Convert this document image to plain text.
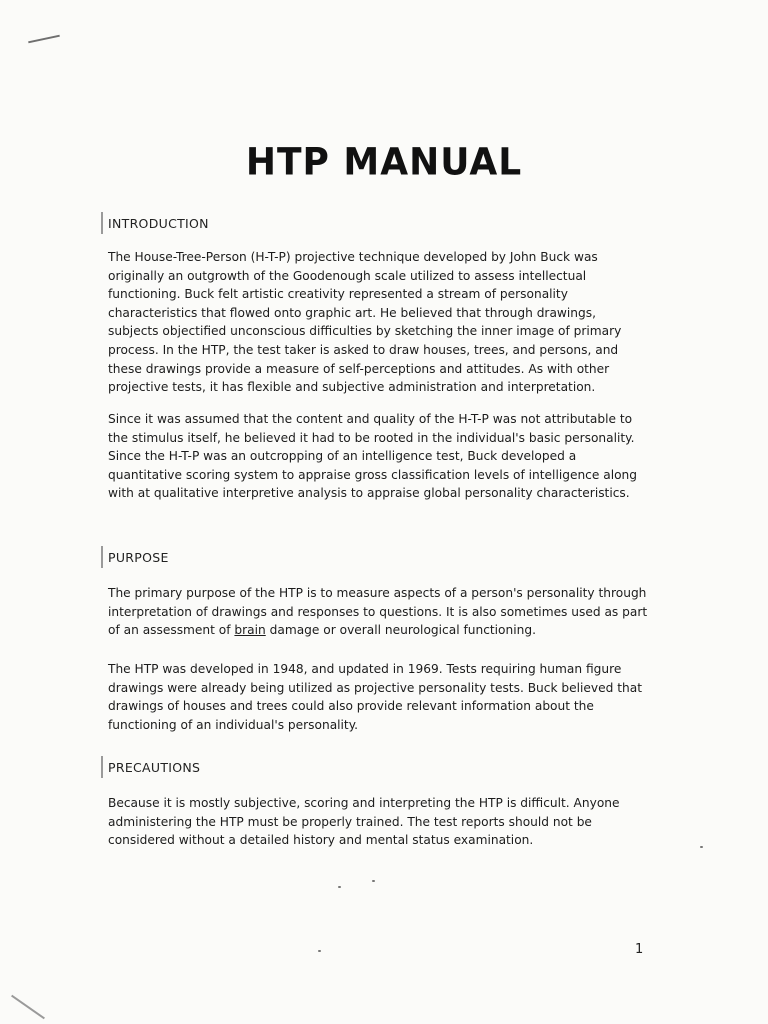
HTP MANUAL
INTRODUCTION

The House-Tree-Person (H-T-P) projective technique developed by John Buck was originally an outgrowth of the Goodenough scale utilized to assess intellectual functioning. Buck felt artistic creativity represented a stream of personality characteristics that flowed onto graphic art. He believed that through drawings, subjects objectified unconscious difficulties by sketching the inner image of primary process. In the HTP, the test taker is asked to draw houses, trees, and persons, and these drawings provide a measure of self-perceptions and attitudes. As with other projective tests, it has flexible and subjective administration and interpretation.

Since it was assumed that the content and quality of the H-T-P was not attributable to the stimulus itself, he believed it had to be rooted in the individual's basic personality. Since the H-T-P was an outcropping of an intelligence test, Buck developed a quantitative scoring system to appraise gross classification levels of intelligence along with at qualitative interpretive analysis to appraise global personality characteristics.

PURPOSE

The primary purpose of the HTP is to measure aspects of a person's personality through interpretation of drawings and responses to questions. It is also sometimes used as part of an assessment of brain damage or overall neurological functioning.

The HTP was developed in 1948, and updated in 1969. Tests requiring human figure drawings were already being utilized as projective personality tests. Buck believed that drawings of houses and trees could also provide relevant information about the functioning of an individual's personality.

PRECAUTIONS

Because it is mostly subjective, scoring and interpreting the HTP is difficult. Anyone administering the HTP must be properly trained. The test reports should not be considered without a detailed history and mental status examination.

1
